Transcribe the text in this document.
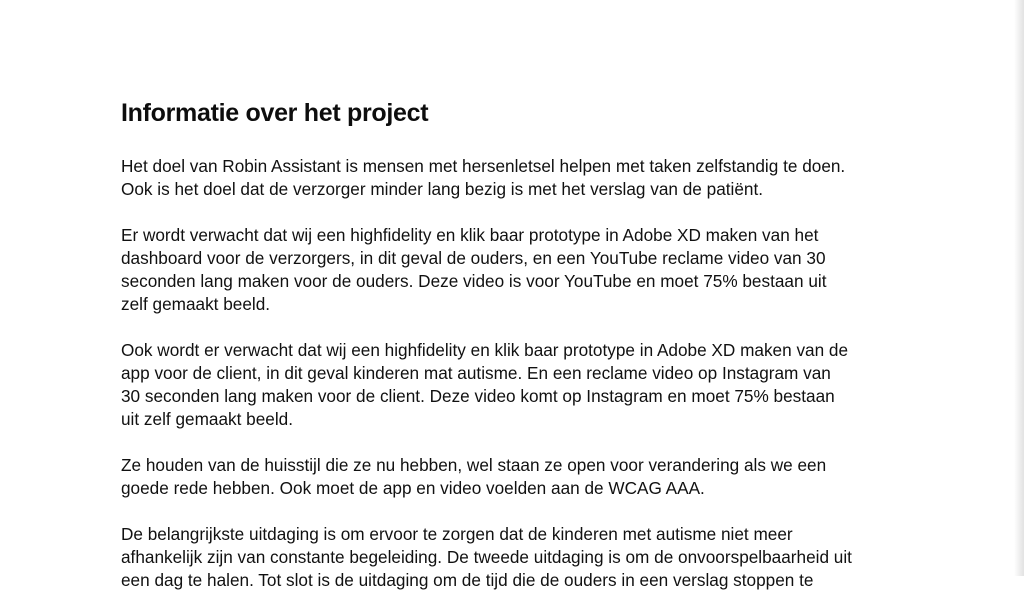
Informatie over het project
Het doel van Robin Assistant is mensen met hersenletsel helpen met taken zelfstandig te doen.
Ook is het doel dat de verzorger minder lang bezig is met het verslag van de patiënt.
Er wordt verwacht dat wij een highfidelity en klik baar prototype in Adobe XD maken van het
dashboard voor de verzorgers, in dit geval de ouders, en een YouTube reclame video van 30
seconden lang maken voor de ouders. Deze video is voor YouTube en moet 75% bestaan uit
zelf gemaakt beeld.
Ook wordt er verwacht dat wij een highfidelity en klik baar prototype in Adobe XD maken van de
app voor de client, in dit geval kinderen mat autisme. En een reclame video op Instagram van
30 seconden lang maken voor de client. Deze video komt op Instagram en moet 75% bestaan
uit zelf gemaakt beeld.
Ze houden van de huisstijl die ze nu hebben, wel staan ze open voor verandering als we een
goede rede hebben. Ook moet de app en video voelden aan de WCAG AAA.
De belangrijkste uitdaging is om ervoor te zorgen dat de kinderen met autisme niet meer
afhankelijk zijn van constante begeleiding. De tweede uitdaging is om de onvoorspelbaarheid uit
een dag te halen. Tot slot is de uitdaging om de tijd die de ouders in een verslag stoppen te
